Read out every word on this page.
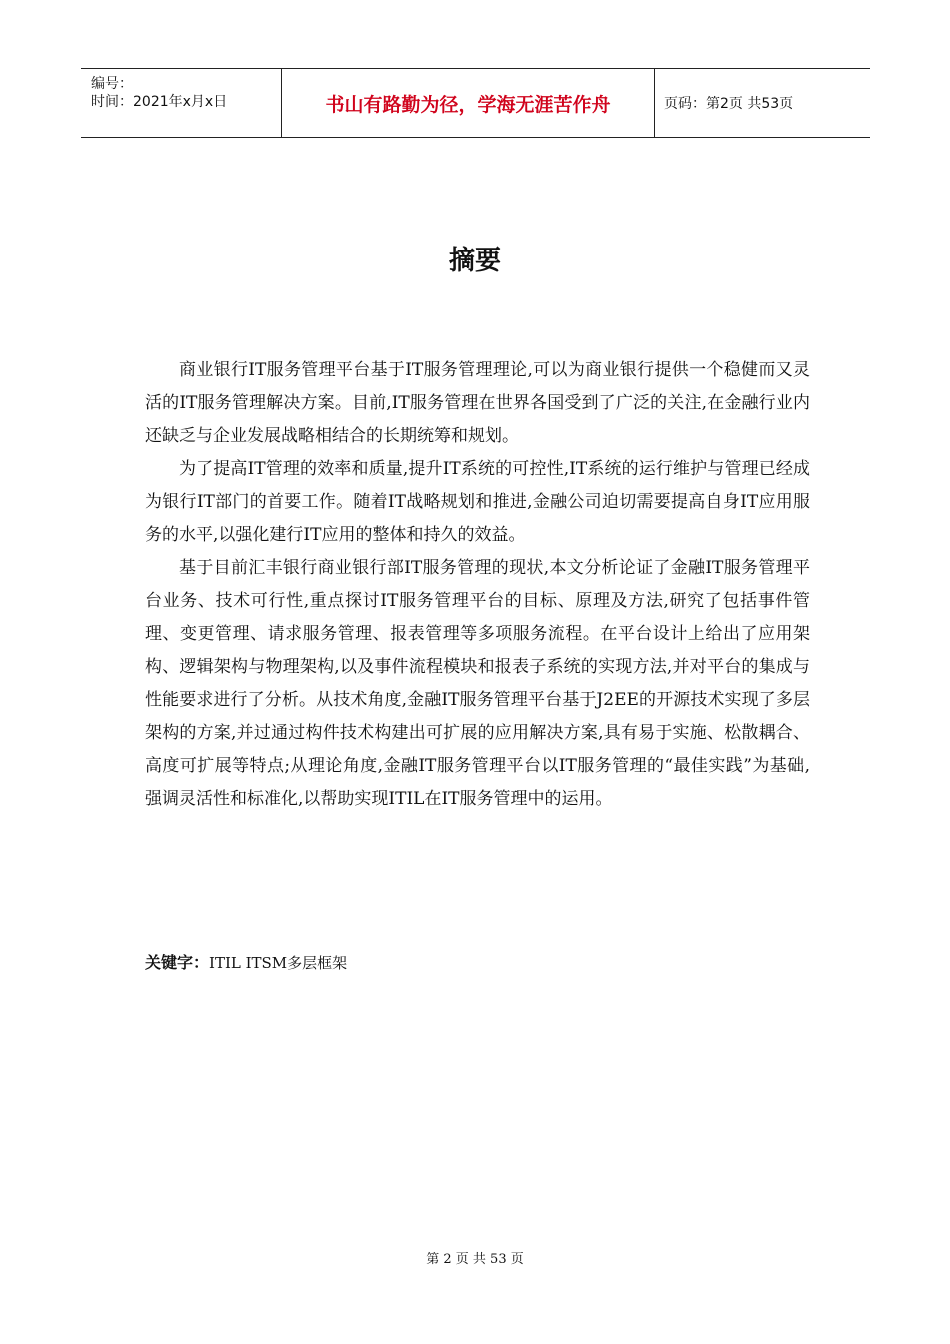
编号：
时间：2021年x月x日	书山有路勤为径，学海无涯苦作舟	页码：第2页 共53页
摘要

商业银行IT服务管理平台基于IT服务管理理论,可以为商业银行提供一个稳健而又灵活的IT服务管理解决方案。目前,IT服务管理在世界各国受到了广泛的关注,在金融行业内还缺乏与企业发展战略相结合的长期统筹和规划。

为了提高IT管理的效率和质量,提升IT系统的可控性,IT系统的运行维护与管理已经成为银行IT部门的首要工作。随着IT战略规划和推进,金融公司迫切需要提高自身IT应用服务的水平,以强化建行IT应用的整体和持久的效益。

基于目前汇丰银行商业银行部IT服务管理的现状,本文分析论证了金融IT服务管理平台业务、技术可行性,重点探讨IT服务管理平台的目标、原理及方法,研究了包括事件管理、变更管理、请求服务管理、报表管理等多项服务流程。在平台设计上给出了应用架构、逻辑架构与物理架构,以及事件流程模块和报表子系统的实现方法,并对平台的集成与性能要求进行了分析。从技术角度,金融IT服务管理平台基于J2EE的开源技术实现了多层架构的方案,并过通过构件技术构建出可扩展的应用解决方案,具有易于实施、松散耦合、高度可扩展等特点;从理论角度,金融IT服务管理平台以IT服务管理的“最佳实践”为基础,强调灵活性和标准化,以帮助实现ITIL在IT服务管理中的运用。

关键字：ITIL ITSM多层框架
第 2 页 共 53 页
